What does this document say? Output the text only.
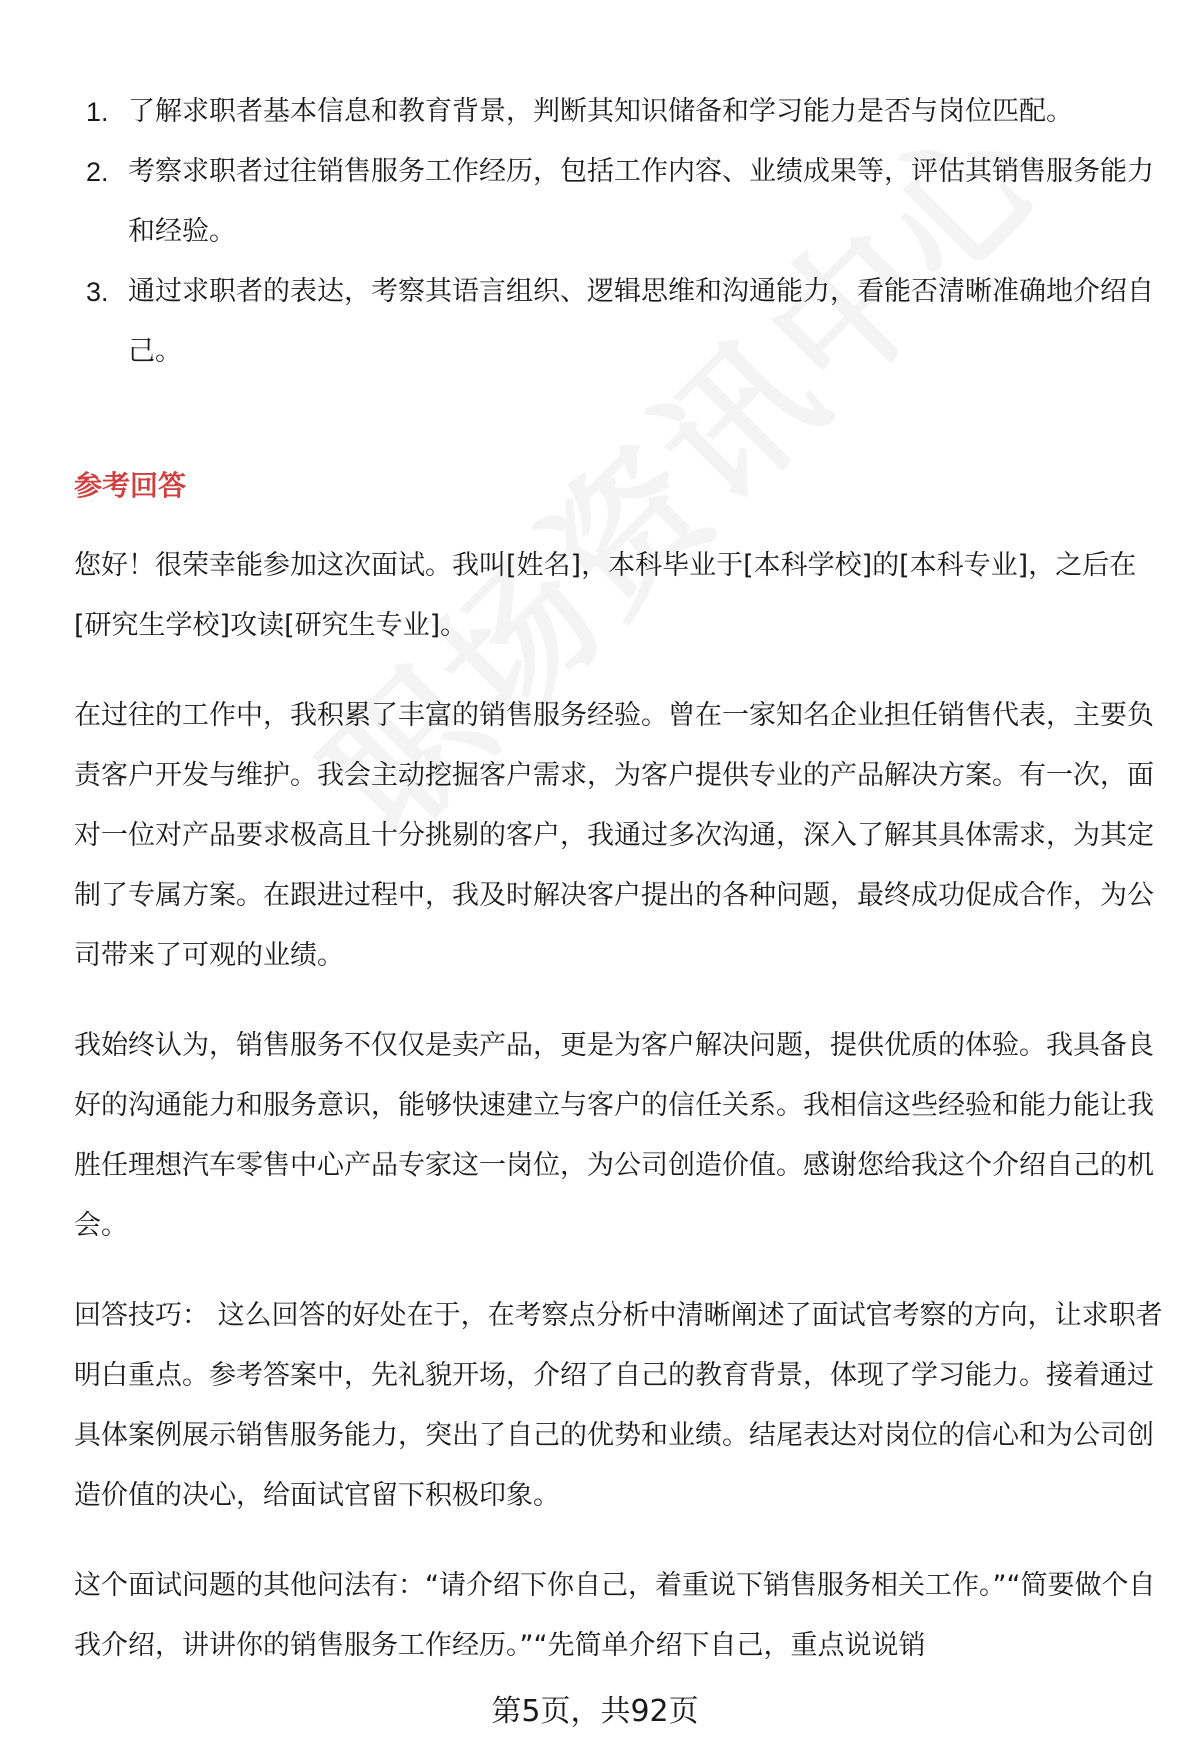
1. 了解求职者基本信息和教育背景，判断其知识储备和学习能力是否与岗位匹配。
2. 考察求职者过往销售服务工作经历，包括工作内容、业绩成果等，评估其销售服务能力和经验。
3. 通过求职者的表达，考察其语言组织、逻辑思维和沟通能力，看能否清晰准确地介绍自己。
参考回答

您好！很荣幸能参加这次面试。我叫[姓名]，本科毕业于[本科学校]的[本科专业]，之后在[研究生学校]攻读[研究生专业]。

在过往的工作中，我积累了丰富的销售服务经验。曾在一家知名企业担任销售代表，主要负责客户开发与维护。我会主动挖掘客户需求，为客户提供专业的产品解决方案。有一次，面对一位对产品要求极高且十分挑剔的客户，我通过多次沟通，深入了解其具体需求，为其定制了专属方案。在跟进过程中，我及时解决客户提出的各种问题，最终成功促成合作，为公司带来了可观的业绩。

我始终认为，销售服务不仅仅是卖产品，更是为客户解决问题，提供优质的体验。我具备良好的沟通能力和服务意识，能够快速建立与客户的信任关系。我相信这些经验和能力能让我胜任理想汽车零售中心产品专家这一岗位，为公司创造价值。感谢您给我这个介绍自己的机会。

回答技巧： 这么回答的好处在于，在考察点分析中清晰阐述了面试官考察的方向，让求职者明白重点。参考答案中，先礼貌开场，介绍了自己的教育背景，体现了学习能力。接着通过具体案例展示销售服务能力，突出了自己的优势和业绩。结尾表达对岗位的信心和为公司创造价值的决心，给面试官留下积极印象。

这个面试问题的其他问法有：“请介绍下你自己，着重说下销售服务相关工作。”“简要做个自我介绍，讲讲你的销售服务工作经历。”“先简单介绍下自己，重点说说销

第5页，共92页
